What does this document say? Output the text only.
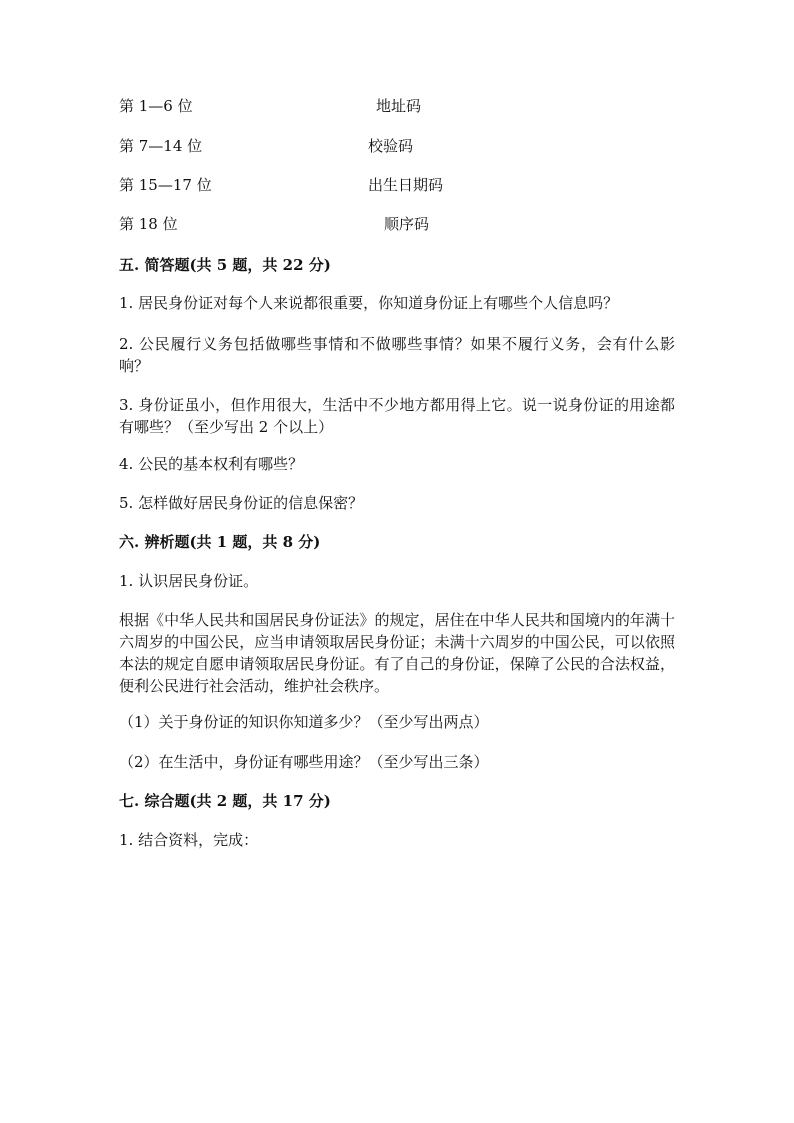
第 1—6 位	地址码
第 7—14 位	校验码
第 15—17 位	出生日期码
第 18 位	顺序码
五. 简答题(共 5 题，共 22 分)
1. 居民身份证对每个人来说都很重要，你知道身份证上有哪些个人信息吗？
2. 公民履行义务包括做哪些事情和不做哪些事情？如果不履行义务，会有什么影响？
3. 身份证虽小，但作用很大，生活中不少地方都用得上它。说一说身份证的用途都有哪些？（至少写出 2 个以上）
4. 公民的基本权利有哪些？
5. 怎样做好居民身份证的信息保密？
六. 辨析题(共 1 题，共 8 分)
1. 认识居民身份证。
根据《中华人民共和国居民身份证法》的规定，居住在中华人民共和国境内的年满十六周岁的中国公民，应当申请领取居民身份证；未满十六周岁的中国公民，可以依照本法的规定自愿申请领取居民身份证。有了自己的身份证，保障了公民的合法权益，便利公民进行社会活动，维护社会秩序。
（1）关于身份证的知识你知道多少？（至少写出两点）
（2）在生活中，身份证有哪些用途？（至少写出三条）
七. 综合题(共 2 题，共 17 分)
1. 结合资料，完成：
